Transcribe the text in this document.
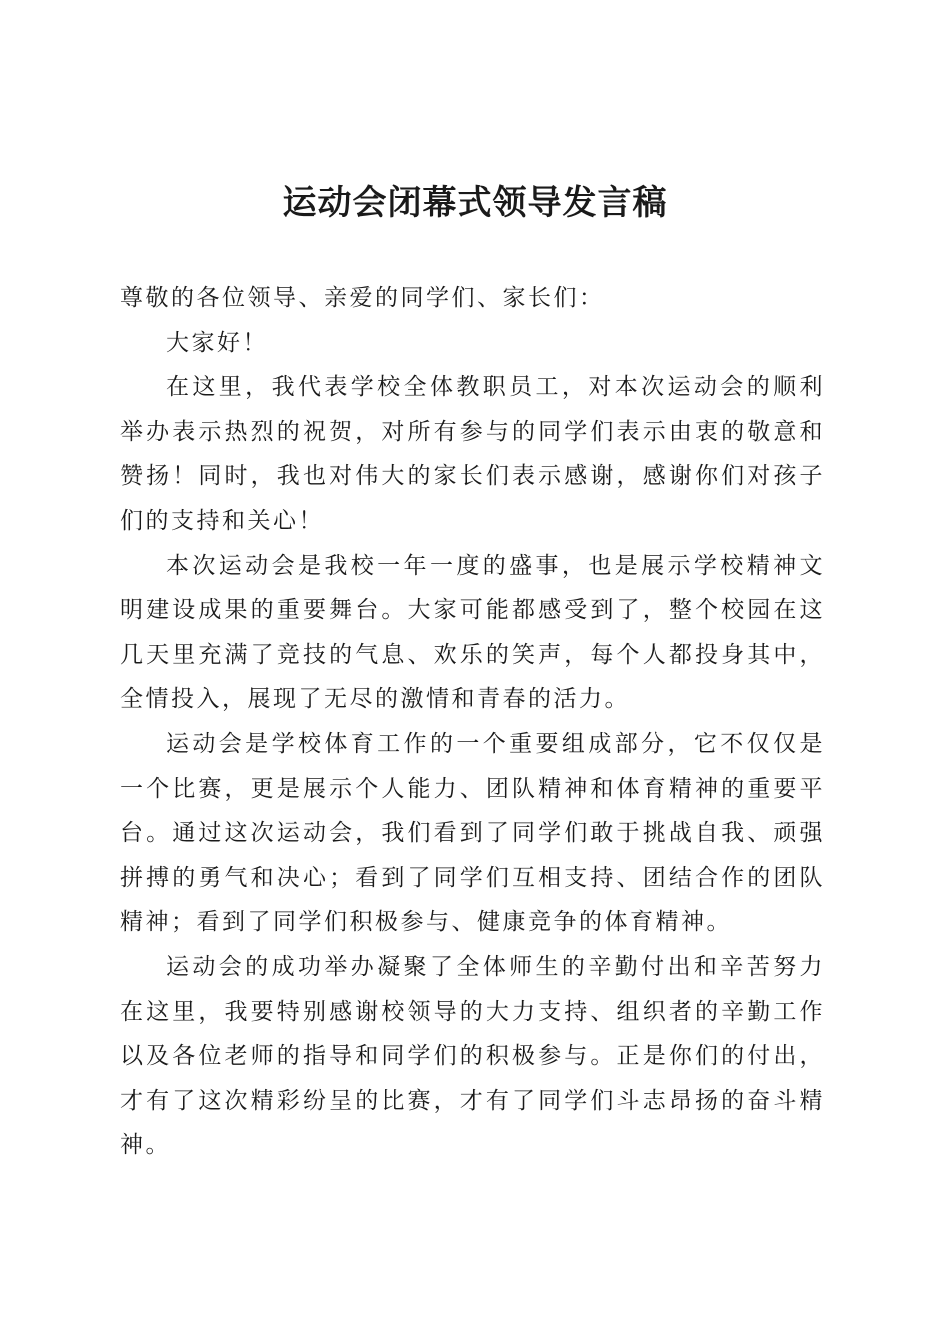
运动会闭幕式领导发言稿

尊敬的各位领导、亲爱的同学们、家长们：

大家好！

在这里，我代表学校全体教职员工，对本次运动会的顺利举办表示热烈的祝贺，对所有参与的同学们表示由衷的敬意和赞扬！同时，我也对伟大的家长们表示感谢，感谢你们对孩子们的支持和关心！

本次运动会是我校一年一度的盛事，也是展示学校精神文明建设成果的重要舞台。大家可能都感受到了，整个校园在这几天里充满了竞技的气息、欢乐的笑声，每个人都投身其中，全情投入，展现了无尽的激情和青春的活力。

运动会是学校体育工作的一个重要组成部分，它不仅仅是一个比赛，更是展示个人能力、团队精神和体育精神的重要平台。通过这次运动会，我们看到了同学们敢于挑战自我、顽强拼搏的勇气和决心；看到了同学们互相支持、团结合作的团队精神；看到了同学们积极参与、健康竞争的体育精神。

运动会的成功举办凝聚了全体师生的辛勤付出和辛苦努力在这里，我要特别感谢校领导的大力支持、组织者的辛勤工作以及各位老师的指导和同学们的积极参与。正是你们的付出，才有了这次精彩纷呈的比赛，才有了同学们斗志昂扬的奋斗精神。
